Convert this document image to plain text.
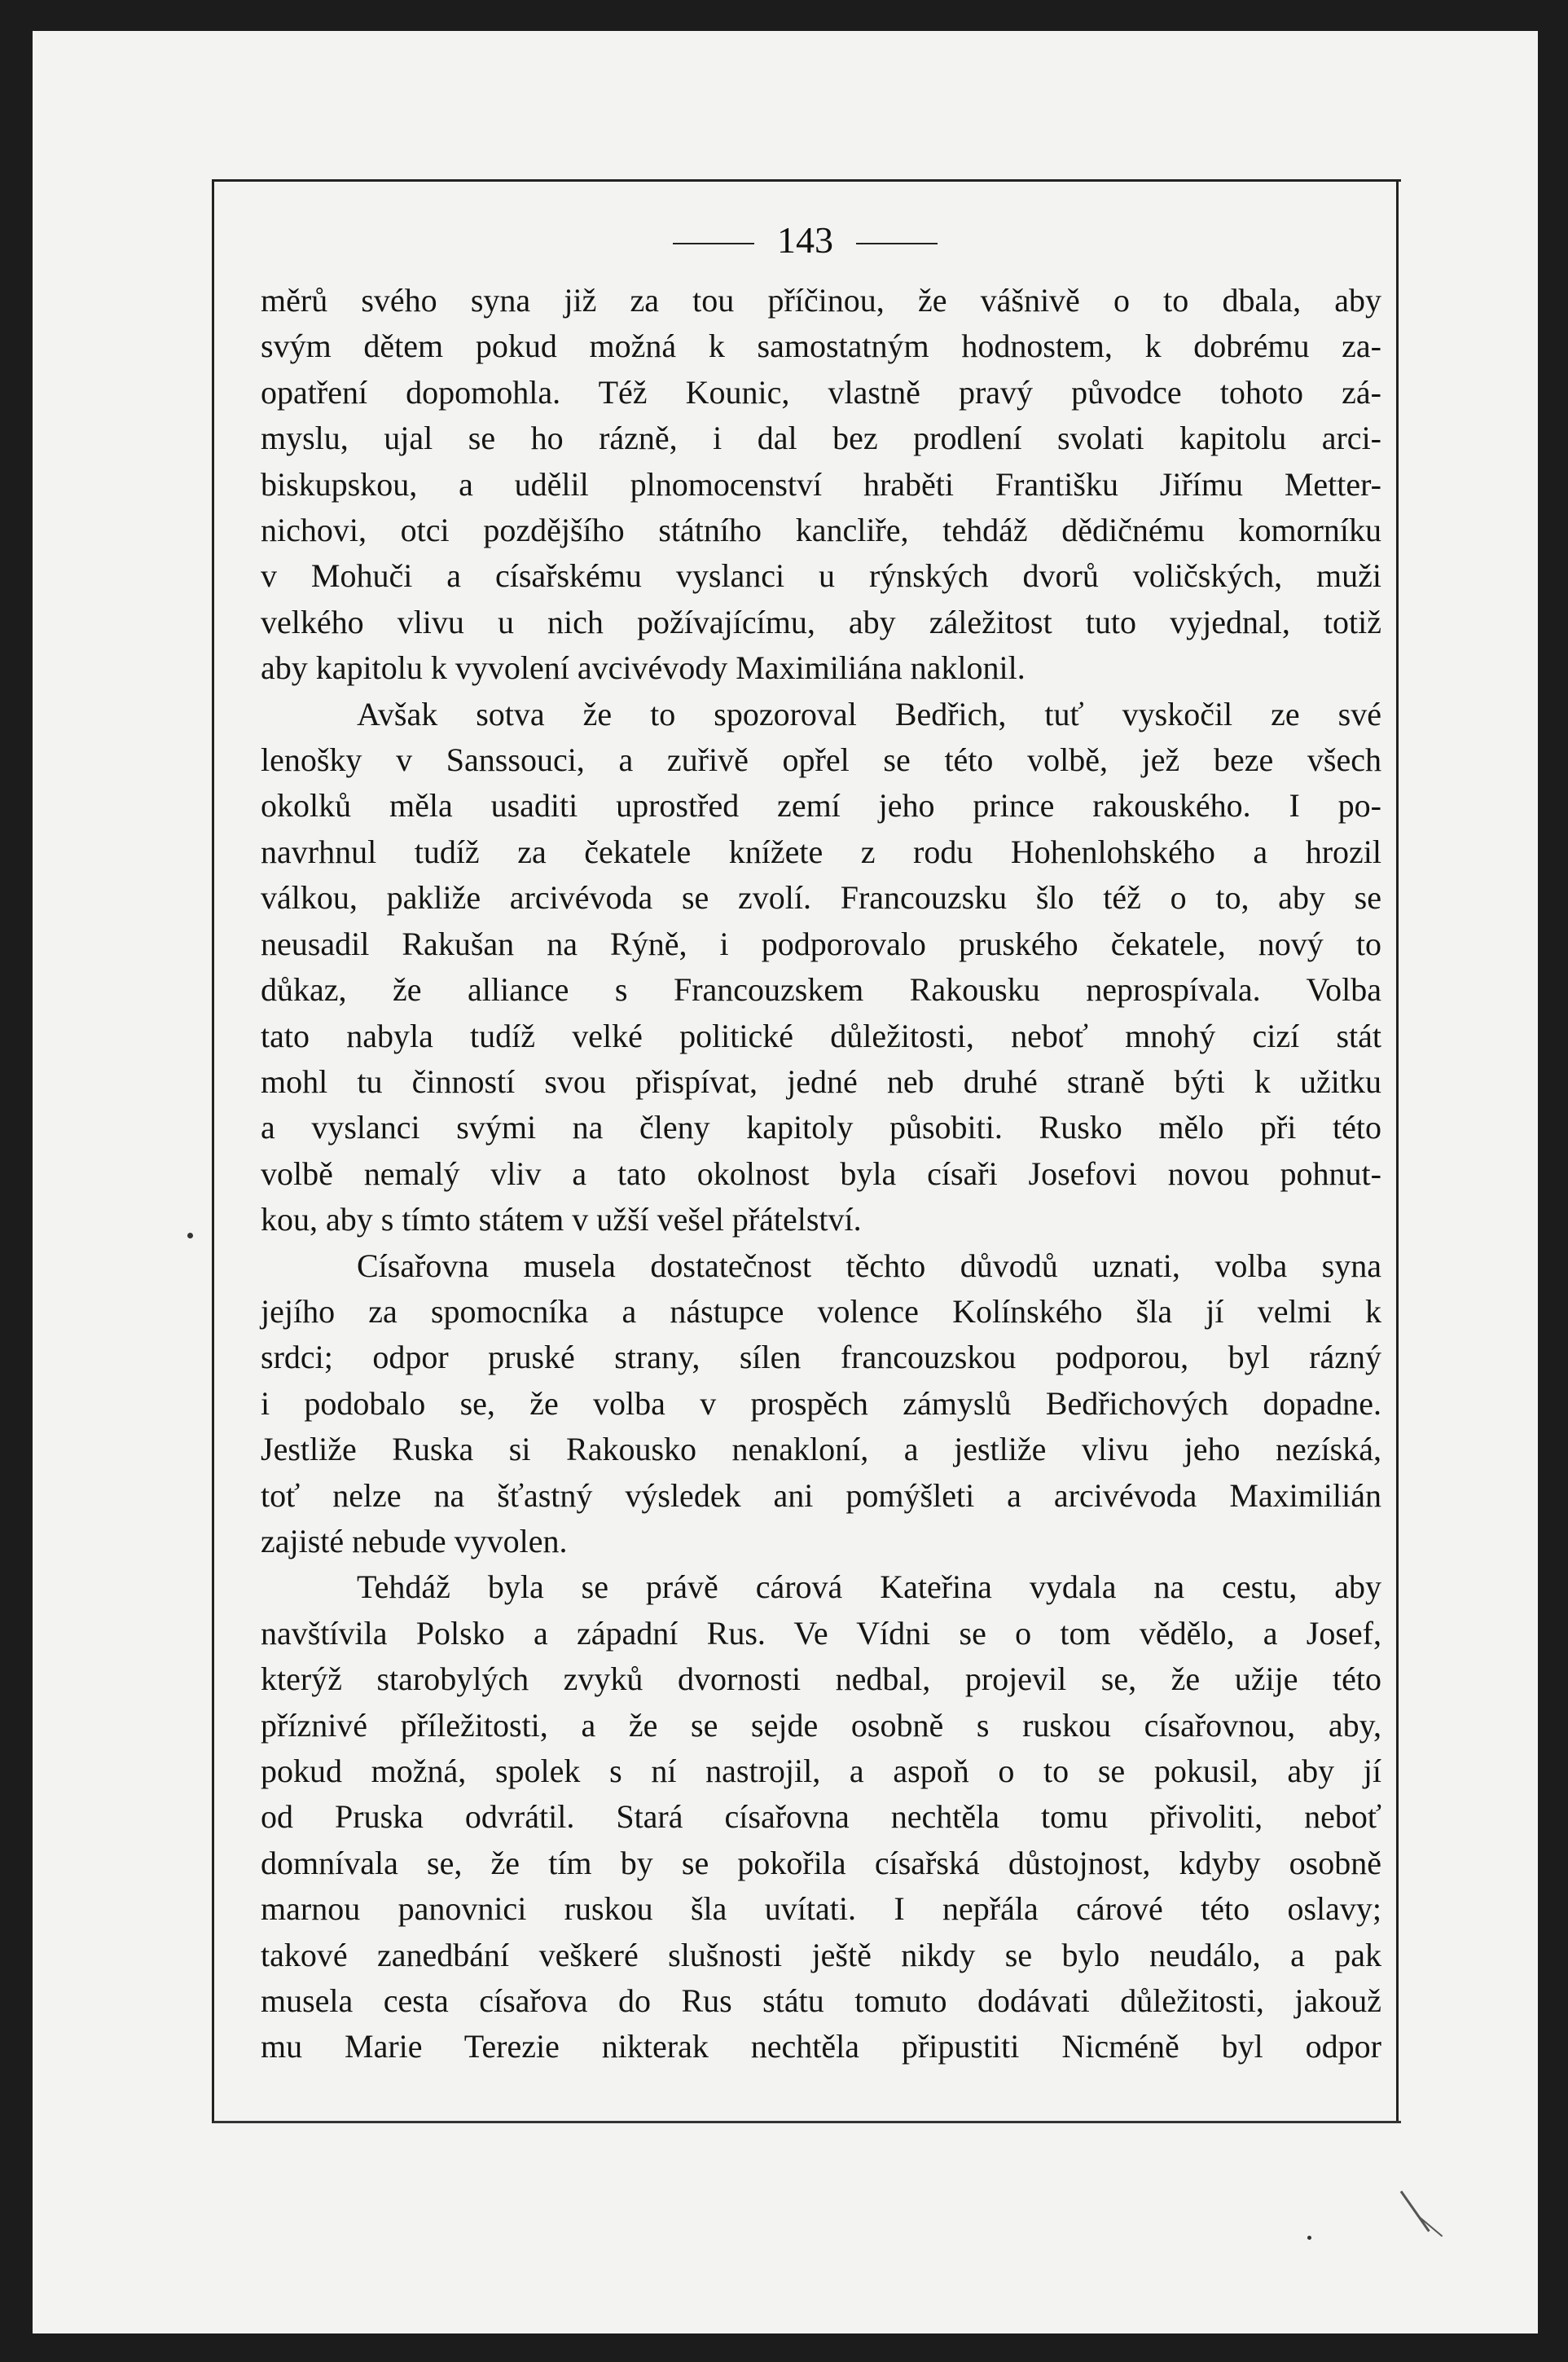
143

měrů svého syna již za tou příčinou, že vášnivě o to dbala, aby

svým dětem pokud možná k samostatným hodnostem, k dobrému za-

opatření dopomohla. Též Kounic, vlastně pravý původce tohoto zá-

myslu, ujal se ho rázně, i dal bez prodlení svolati kapitolu arci-

biskupskou, a udělil plnomocenství hraběti Františku Jiřímu Metter-

nichovi, otci pozdějšího státního kancliře, tehdáž dědičnému komorníku

v Mohuči a císařskému vyslanci u rýnských dvorů voličských, muži

velkého vlivu u nich požívajícímu, aby záležitost tuto vyjednal, totiž

aby kapitolu k vyvolení avcivévody Maximiliána naklonil.

Avšak sotva že to spozoroval Bedřich, tuť vyskočil ze své

lenošky v Sanssouci, a zuřivě opřel se této volbě, jež beze všech

okolků měla usaditi uprostřed zemí jeho prince rakouského. I po-

navrhnul tudíž za čekatele knížete z rodu Hohenlohského a hrozil

válkou, pakliže arcivévoda se zvolí. Francouzsku šlo též o to, aby se

neusadil Rakušan na Rýně, i podporovalo pruského čekatele, nový to

důkaz, že alliance s Francouzskem Rakousku neprospívala. Volba

tato nabyla tudíž velké politické důležitosti, neboť mnohý cizí stát

mohl tu činností svou přispívat, jedné neb druhé straně býti k užitku

a vyslanci svými na členy kapitoly působiti. Rusko mělo při této

volbě nemalý vliv a tato okolnost byla císaři Josefovi novou pohnut-

kou, aby s tímto státem v užší vešel přátelství.

Císařovna musela dostatečnost těchto důvodů uznati, volba syna

jejího za spomocníka a nástupce volence Kolínského šla jí velmi k

srdci; odpor pruské strany, sílen francouzskou podporou, byl rázný

i podobalo se, že volba v prospěch zámyslů Bedřichových dopadne.

Jestliže Ruska si Rakousko nenakloní, a jestliže vlivu jeho nezíská,

toť nelze na šťastný výsledek ani pomýšleti a arcivévoda Maximilián

zajisté nebude vyvolen.

Tehdáž byla se právě cárová Kateřina vydala na cestu, aby

navštívila Polsko a západní Rus. Ve Vídni se o tom vědělo, a Josef,

kterýž starobylých zvyků dvornosti nedbal, projevil se, že užije této

příznivé příležitosti, a že se sejde osobně s ruskou císařovnou, aby,

pokud možná, spolek s ní nastrojil, a aspoň o to se pokusil, aby jí

od Pruska odvrátil. Stará císařovna nechtěla tomu přivoliti, neboť

domnívala se, že tím by se pokořila císařská důstojnost, kdyby osobně

marnou panovnici ruskou šla uvítati. I nepřála cárové této oslavy;

takové zanedbání veškeré slušnosti ještě nikdy se bylo neudálo, a pak

musela cesta císařova do Rus státu tomuto dodávati důležitosti, jakouž

mu Marie Terezie nikterak nechtěla připustiti Nicméně byl odpor
